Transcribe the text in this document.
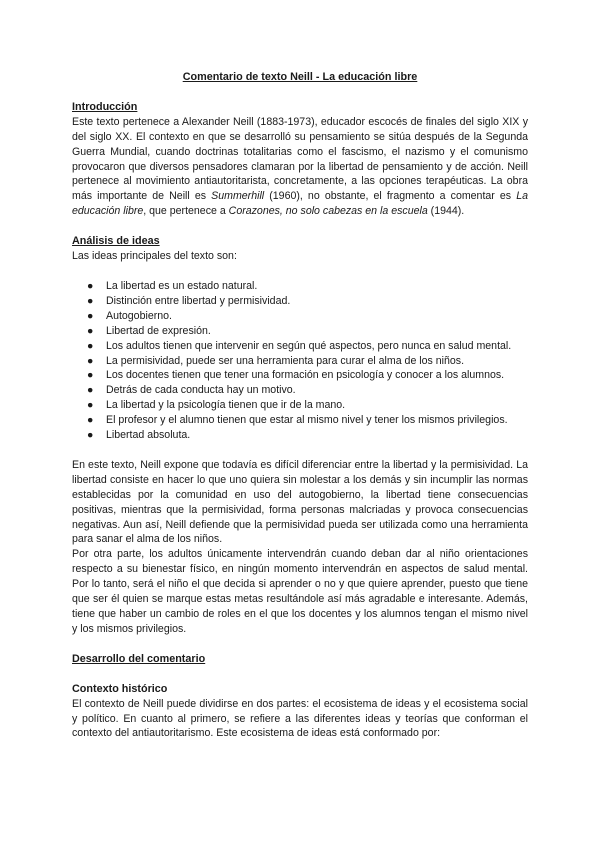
Comentario de texto Neill - La educación libre
Introducción

Este texto pertenece a Alexander Neill (1883-1973), educador escocés de finales del siglo XIX y del siglo XX. El contexto en que se desarrolló su pensamiento se sitúa después de la Segunda Guerra Mundial, cuando doctrinas totalitarias como el fascismo, el nazismo y el comunismo provocaron que diversos pensadores clamaran por la libertad de pensamiento y de acción. Neill pertenece al movimiento antiautoritarista, concretamente, a las opciones terapéuticas. La obra más importante de Neill es Summerhill (1960), no obstante, el fragmento a comentar es La educación libre, que pertenece a Corazones, no solo cabezas en la escuela (1944).

Análisis de ideas

Las ideas principales del texto son:

● La libertad es un estado natural.
● Distinción entre libertad y permisividad.
● Autogobierno.
● Libertad de expresión.
● Los adultos tienen que intervenir en según qué aspectos, pero nunca en salud mental.
● La permisividad, puede ser una herramienta para curar el alma de los niños.
● Los docentes tienen que tener una formación en psicología y conocer a los alumnos.
● Detrás de cada conducta hay un motivo.
● La libertad y la psicología tienen que ir de la mano.
● El profesor y el alumno tienen que estar al mismo nivel y tener los mismos privilegios.
● Libertad absoluta.

En este texto, Neill expone que todavía es difícil diferenciar entre la libertad y la permisividad. La libertad consiste en hacer lo que uno quiera sin molestar a los demás y sin incumplir las normas establecidas por la comunidad en uso del autogobierno, la libertad tiene consecuencias positivas, mientras que la permisividad, forma personas malcriadas y provoca consecuencias negativas. Aun así, Neill defiende que la permisividad pueda ser utilizada como una herramienta para sanar el alma de los niños.

Por otra parte, los adultos únicamente intervendrán cuando deban dar al niño orientaciones respecto a su bienestar físico, en ningún momento intervendrán en aspectos de salud mental. Por lo tanto, será el niño el que decida si aprender o no y que quiere aprender, puesto que tiene que ser él quien se marque estas metas resultándole así más agradable e interesante. Además, tiene que haber un cambio de roles en el que los docentes y los alumnos tengan el mismo nivel y los mismos privilegios.

Desarrollo del comentario
Contexto histórico

El contexto de Neill puede dividirse en dos partes: el ecosistema de ideas y el ecosistema social y político. En cuanto al primero, se refiere a las diferentes ideas y teorías que conforman el contexto del antiautoritarismo. Este ecosistema de ideas está conformado por:
